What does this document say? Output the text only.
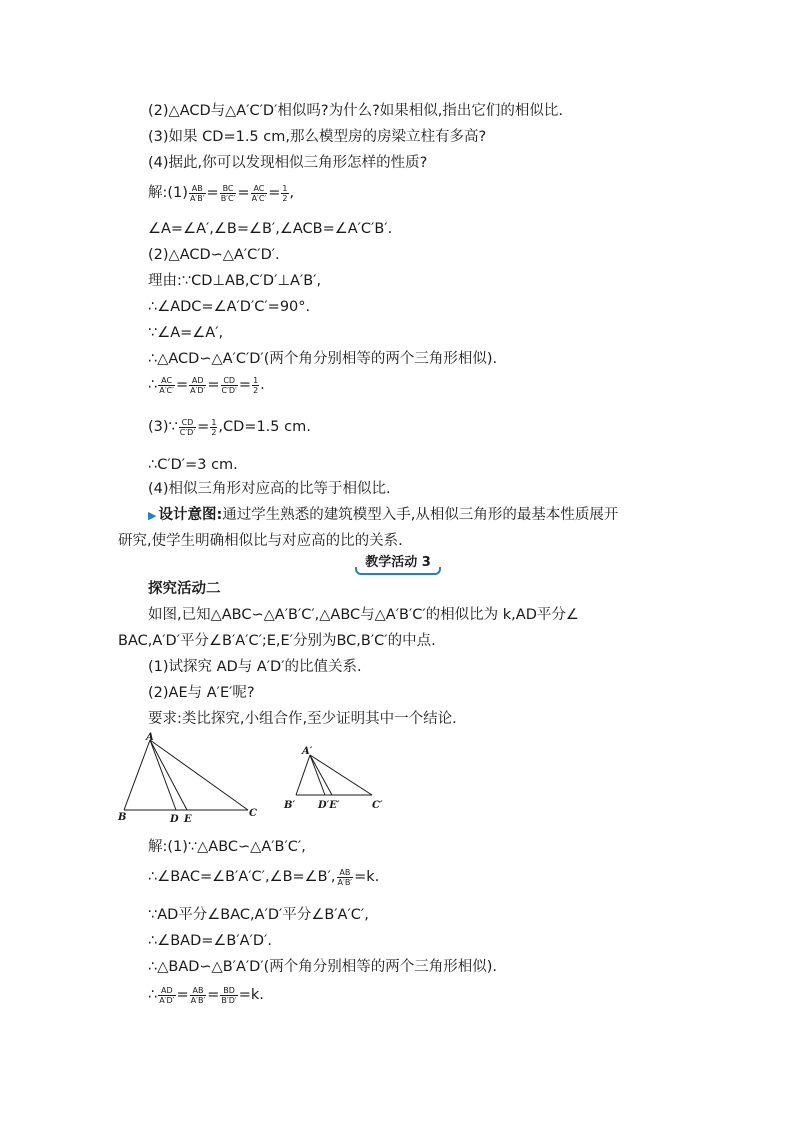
(2)△ACD与△A′C′D′相似吗?为什么?如果相似,指出它们的相似比.
(3)如果 CD=1.5 cm,那么模型房的房梁立柱有多高?
(4)据此,你可以发现相似三角形怎样的性质?
解:(1) $\frac{AB}{A'B'} = \frac{BC}{B'C'} = \frac{AC}{A'C'} = \frac{1}{2}$ ,
∠A=∠A′,∠B=∠B′,∠ACB=∠A′C′B′.
(2)△ACD∽△A′C′D′.
理由:∵CD⊥AB,C′D′⊥A′B′,
∴∠ADC=∠A′D′C′=90°.
∵∠A=∠A′,
∴△ACD∽△A′C′D′(两个角分别相等的两个三角形相似).
∴ $\frac{AC}{A'C'} = \frac{AD}{A'D'} = \frac{CD}{C'D'} = \frac{1}{2}$ .
(3)∵ $\frac{CD}{C'D'} = \frac{1}{2} ,CD=1.5$ cm.
∴C′D′=3 cm.
(4)相似三角形对应高的比等于相似比.
▶ 设计意图:通过学生熟悉的建筑模型入手,从相似三角形的最基本性质展开
研究,使学生明确相似比与对应高的比的关系.
教学活动 3
探究活动二
如图,已知△ABC∽△A′B′C′,△ABC与△A′B′C′的相似比为 k,AD平分∠
BAC,A′D′平分∠B′A′C′;E,E′分别为BC,B′C′的中点.
(1)试探究 AD与 A′D′的比值关系.
(2)AE与 A′E′呢?
要求:类比探究,小组合作,至少证明其中一个结论.
A
B	C
D E
A′
B′	C′
D′E′
解:(1)∵△ABC∽△A′B′C′,
∴∠BAC=∠B′A′C′,∠B=∠B′, $\frac{AB}{A'B'} =k$.
∵AD平分∠BAC,A′D′平分∠B′A′C′,
∴∠BAD=∠B′A′D′.
∴△BAD∽△B′A′D′(两个角分别相等的两个三角形相似).
∴ $\frac{AD}{A'D'} = \frac{AB}{A'B'} = \frac{BD}{B'D'} =k$.
